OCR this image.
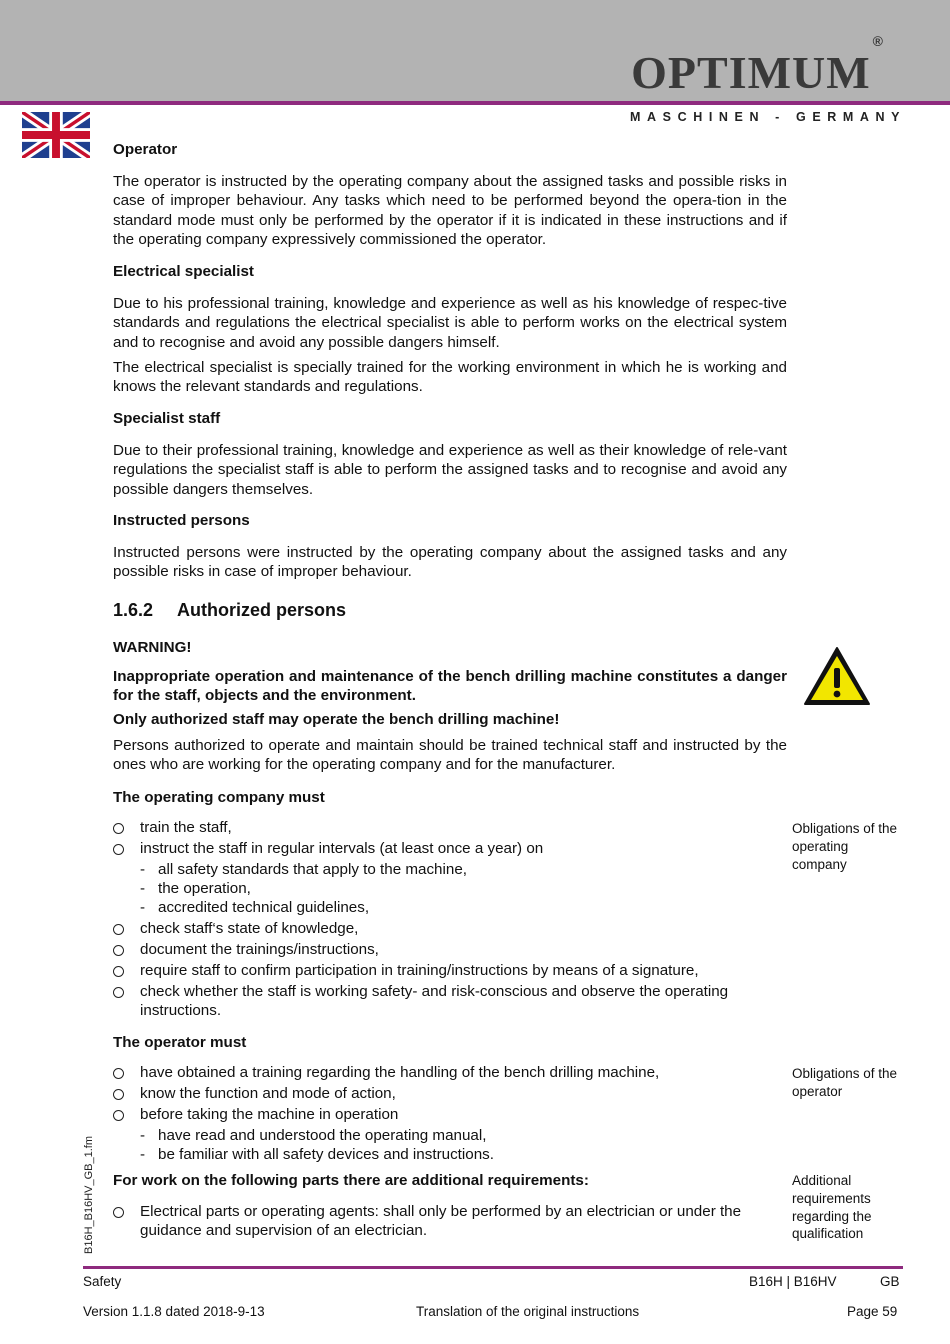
OPTIMUM®
MASCHINEN - GERMANY

Operator

The operator is instructed by the operating company about the assigned tasks and possible risks in case of improper behaviour. Any tasks which need to be performed beyond the opera-tion in the standard mode must only be performed by the operator if it is indicated in these instructions and if the operating company expressively commissioned the operator.

Electrical specialist

Due to his professional training, knowledge and experience as well as his knowledge of respec-tive standards and regulations the electrical specialist is able to perform works on the electrical system and to recognise and avoid any possible dangers himself.

The electrical specialist is specially trained for the working environment in which he is working and knows the relevant standards and regulations.

Specialist staff

Due to their professional training, knowledge and experience as well as their knowledge of rele-vant regulations the specialist staff is able to perform the assigned tasks and to recognise and avoid any possible dangers themselves.

Instructed persons

Instructed persons were instructed by the operating company about the assigned tasks and any possible risks in case of improper behaviour.

1.6.2 Authorized persons

WARNING!

Inappropriate operation and maintenance of the bench drilling machine constitutes a danger for the staff, objects and the environment.

Only authorized staff may operate the bench drilling machine!

Persons authorized to operate and maintain should be trained technical staff and instructed by the ones who are working for the operating company and for the manufacturer.

The operating company must

train the staff,
instruct the staff in regular intervals (at least once a year) on
- all safety standards that apply to the machine,
- the operation,
- accredited technical guidelines,
check staff‘s state of knowledge,
document the trainings/instructions,
require staff to confirm participation in training/instructions by means of a signature,
check whether the staff is working safety- and risk-conscious and observe the operating instructions.

The operator must

have obtained a training regarding the handling of the bench drilling machine,
know the function and mode of action,
before taking the machine in operation
- have read and understood the operating manual,
- be familiar with all safety devices and instructions.

For work on the following parts there are additional requirements:

Electrical parts or operating agents: shall only be performed by an electrician or under the guidance and supervision of an electrician.
Obligations of the operating company
Obligations of the operator
Additional requirements regarding the qualification
B16H_B16HV_GB_1.fm
Safety	B16H | B16HV	GB
Version 1.1.8 dated 2018-9-13	Translation of the original instructions	Page 59
